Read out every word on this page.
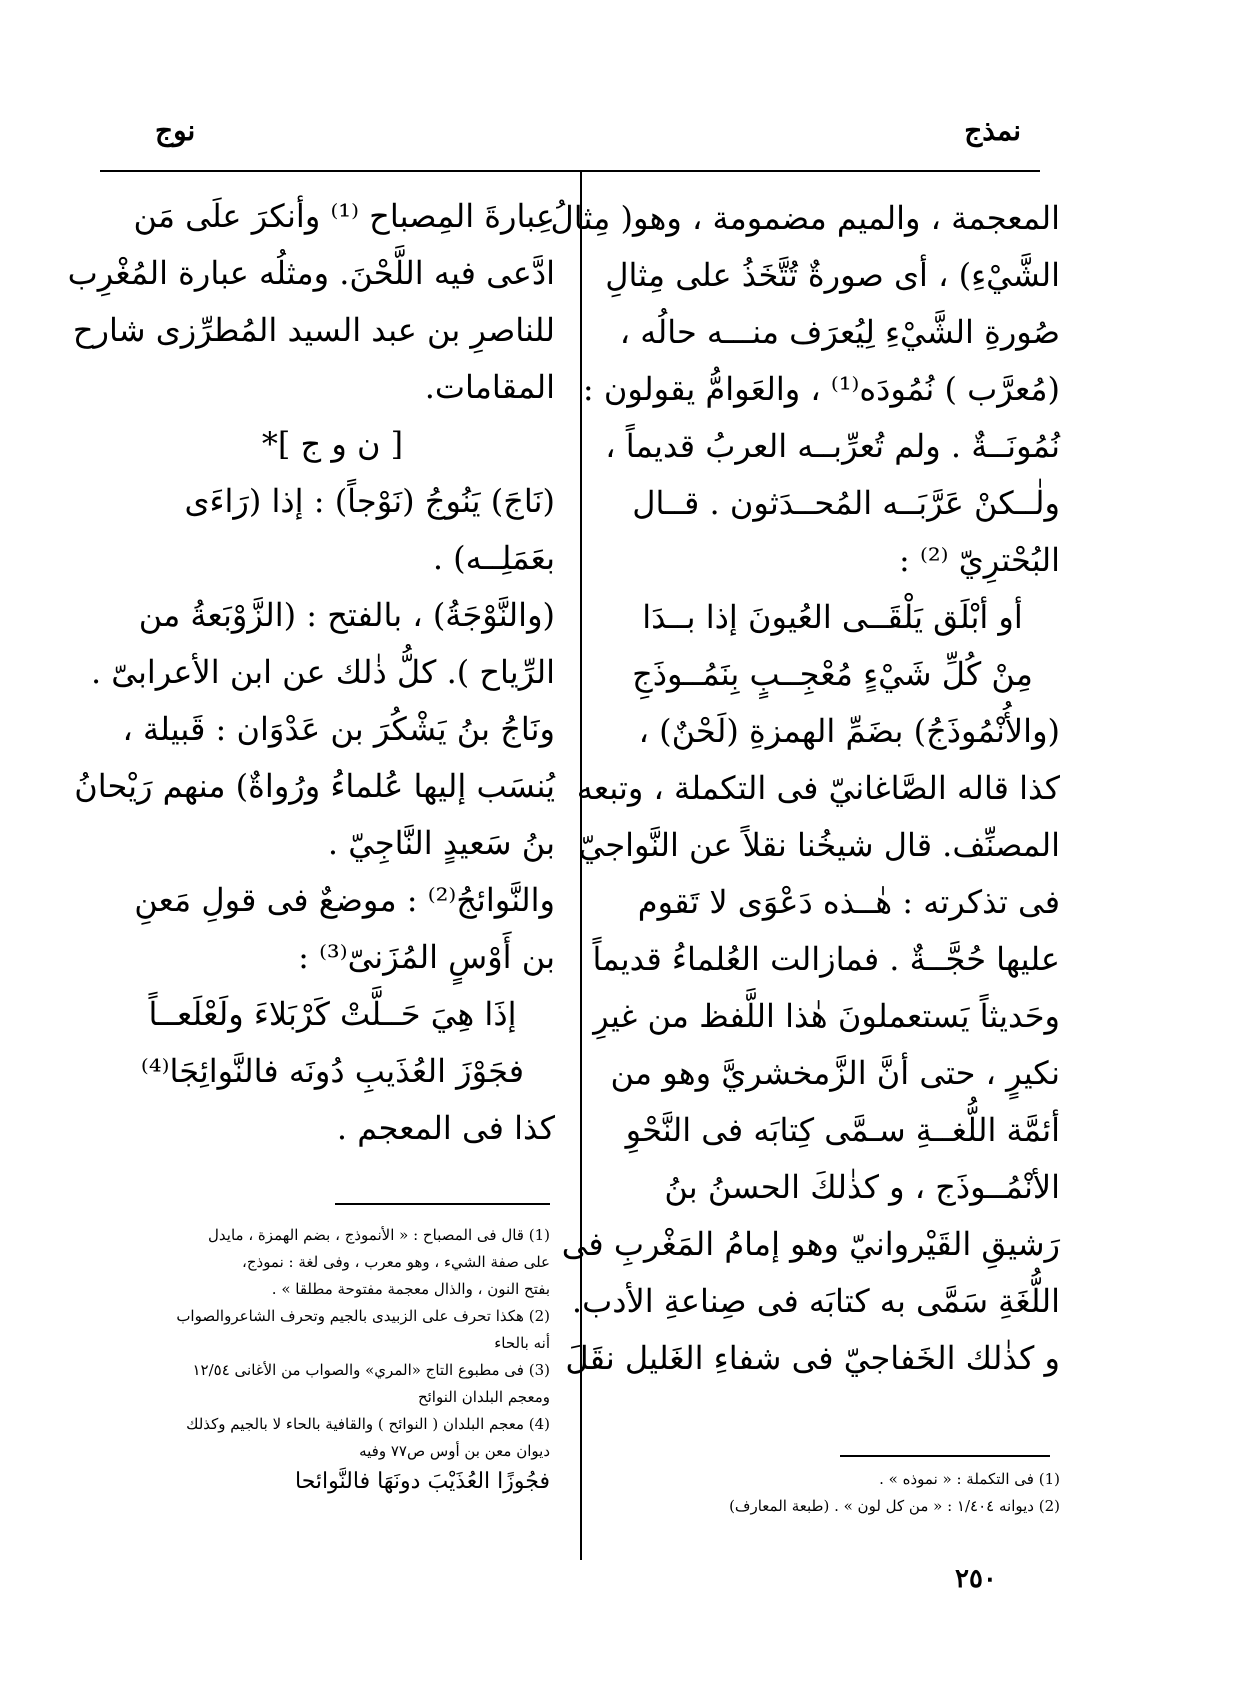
نوج	نمذج
المعجمة ، والميم مضمومة ، وهو( مِثالُ
الشَّيْءِ) ، أى صورةٌ تُتَّخَذُ على مِثالِ
صُورةِ الشَّيْءِ لِيُعرَف منـــه حالُه ،
(مُعرَّب ) نُمُودَه⁽¹⁾ ، والعَوامُّ يقولون :
نُمُونَــةٌ . ولم تُعرِّبــه العربُ قديماً ،
ولٰــكنْ عَرَّبَــه المُحــدَثون . قــال
البُحْترِيّ ⁽²⁾ :
أو أبْلَق يَلْقَــى العُيونَ إذا بــدَا
مِنْ كُلِّ شَيْءٍ مُعْجِــبٍ بِنَمُــوذَجِ
(والأُنْمُوذَجُ) بضَمِّ الهمزةِ (لَحْنٌ) ،
كذا قاله الصَّاغانيّ فى التكملة ، وتبعه
المصنِّف. قال شيخُنا نقلاً عن النَّواجيّ
فى تذكرته : هٰــذه دَعْوَى لا تَقوم
عليها حُجَّــةٌ . فمازالت العُلماءُ قديماً
وحَديثاً يَستعملونَ هٰذا اللَّفظ من غيرِ
نكيرٍ ، حتى أنَّ الزَّمخشريَّ وهو من
أئمَّة اللُّغــةِ سـمَّى كِتابَه فى النَّحْوِ
الأنْمُــوذَج ، و كذٰلكَ الحسنُ بنُ
رَشيقِ القَيْروانيّ وهو إمامُ المَغْربِ فى
اللُّغَةِ سَمَّى به كتابَه فى صِناعةِ الأدب.
و كذٰلك الخَفاجيّ فى شفاءِ الغَليل نقَلَ
عِبارةَ المِصباح ⁽¹⁾ وأنكرَ علَى مَن
ادَّعى فيه اللَّحْنَ. ومثلُه عبارة المُغْرِب
للناصرِ بن عبد السيد المُطرِّزى شارح
المقامات.
[ ن و ج ]*
(نَاجَ) يَنُوجُ (نَوْجاً) : إذا (رَاءَى
بعَمَلِــه) .
(والنَّوْجَةُ) ، بالفتح : (الزَّوْبَعةُ من
الرِّياح ). كلُّ ذٰلك عن ابن الأعرابىّ .
ونَاجُ بنُ يَشْكُرَ بن عَدْوَان : قَبيلة ،
يُنسَب إليها عُلماءُ ورُواةٌ) منهم رَيْحانُ
بنُ سَعيدٍ النَّاجِيّ .
والنَّوائجُ⁽²⁾ : موضعٌ فى قولِ مَعنِ
بن أَوْسٍ المُزَنىّ⁽³⁾ :
إذَا هِيَ حَــلَّتْ كَرْبَلاءَ ولَعْلَعــاً
فجَوْزَ العُذَيبِ دُونَه فالنَّوائِجَا⁽⁴⁾
كذا فى المعجم .
(1) قال فى المصباح : « الأنموذج ، بضم الهمزة ، مايدل
على صفة الشيء ، وهو معرب ، وفى لغة : نموذج،
بفتح النون ، والذال معجمة مفتوحة مطلقا » .
(2) هكذا تحرف على الزبيدى بالجيم وتحرف الشاعروالصواب
أنه بالحاء
(3) فى مطبوع التاج «المري» والصواب من الأغانى ١٢/٥٤
ومعجم البلدان النوائح
(4) معجم البلدان ( النوائح ) والقافية بالحاء لا بالجيم وكذلك
ديوان معن بن أوس ص٧٧ وفيه
فجُوزًا العُذَيْبَ دونَهَا فالنَّوائحا	(1) فى التكملة : « نموذه » .
(2) ديوانه ١/٤٠٤ : « من كل لون » . (طبعة المعارف)
٢٥٠
